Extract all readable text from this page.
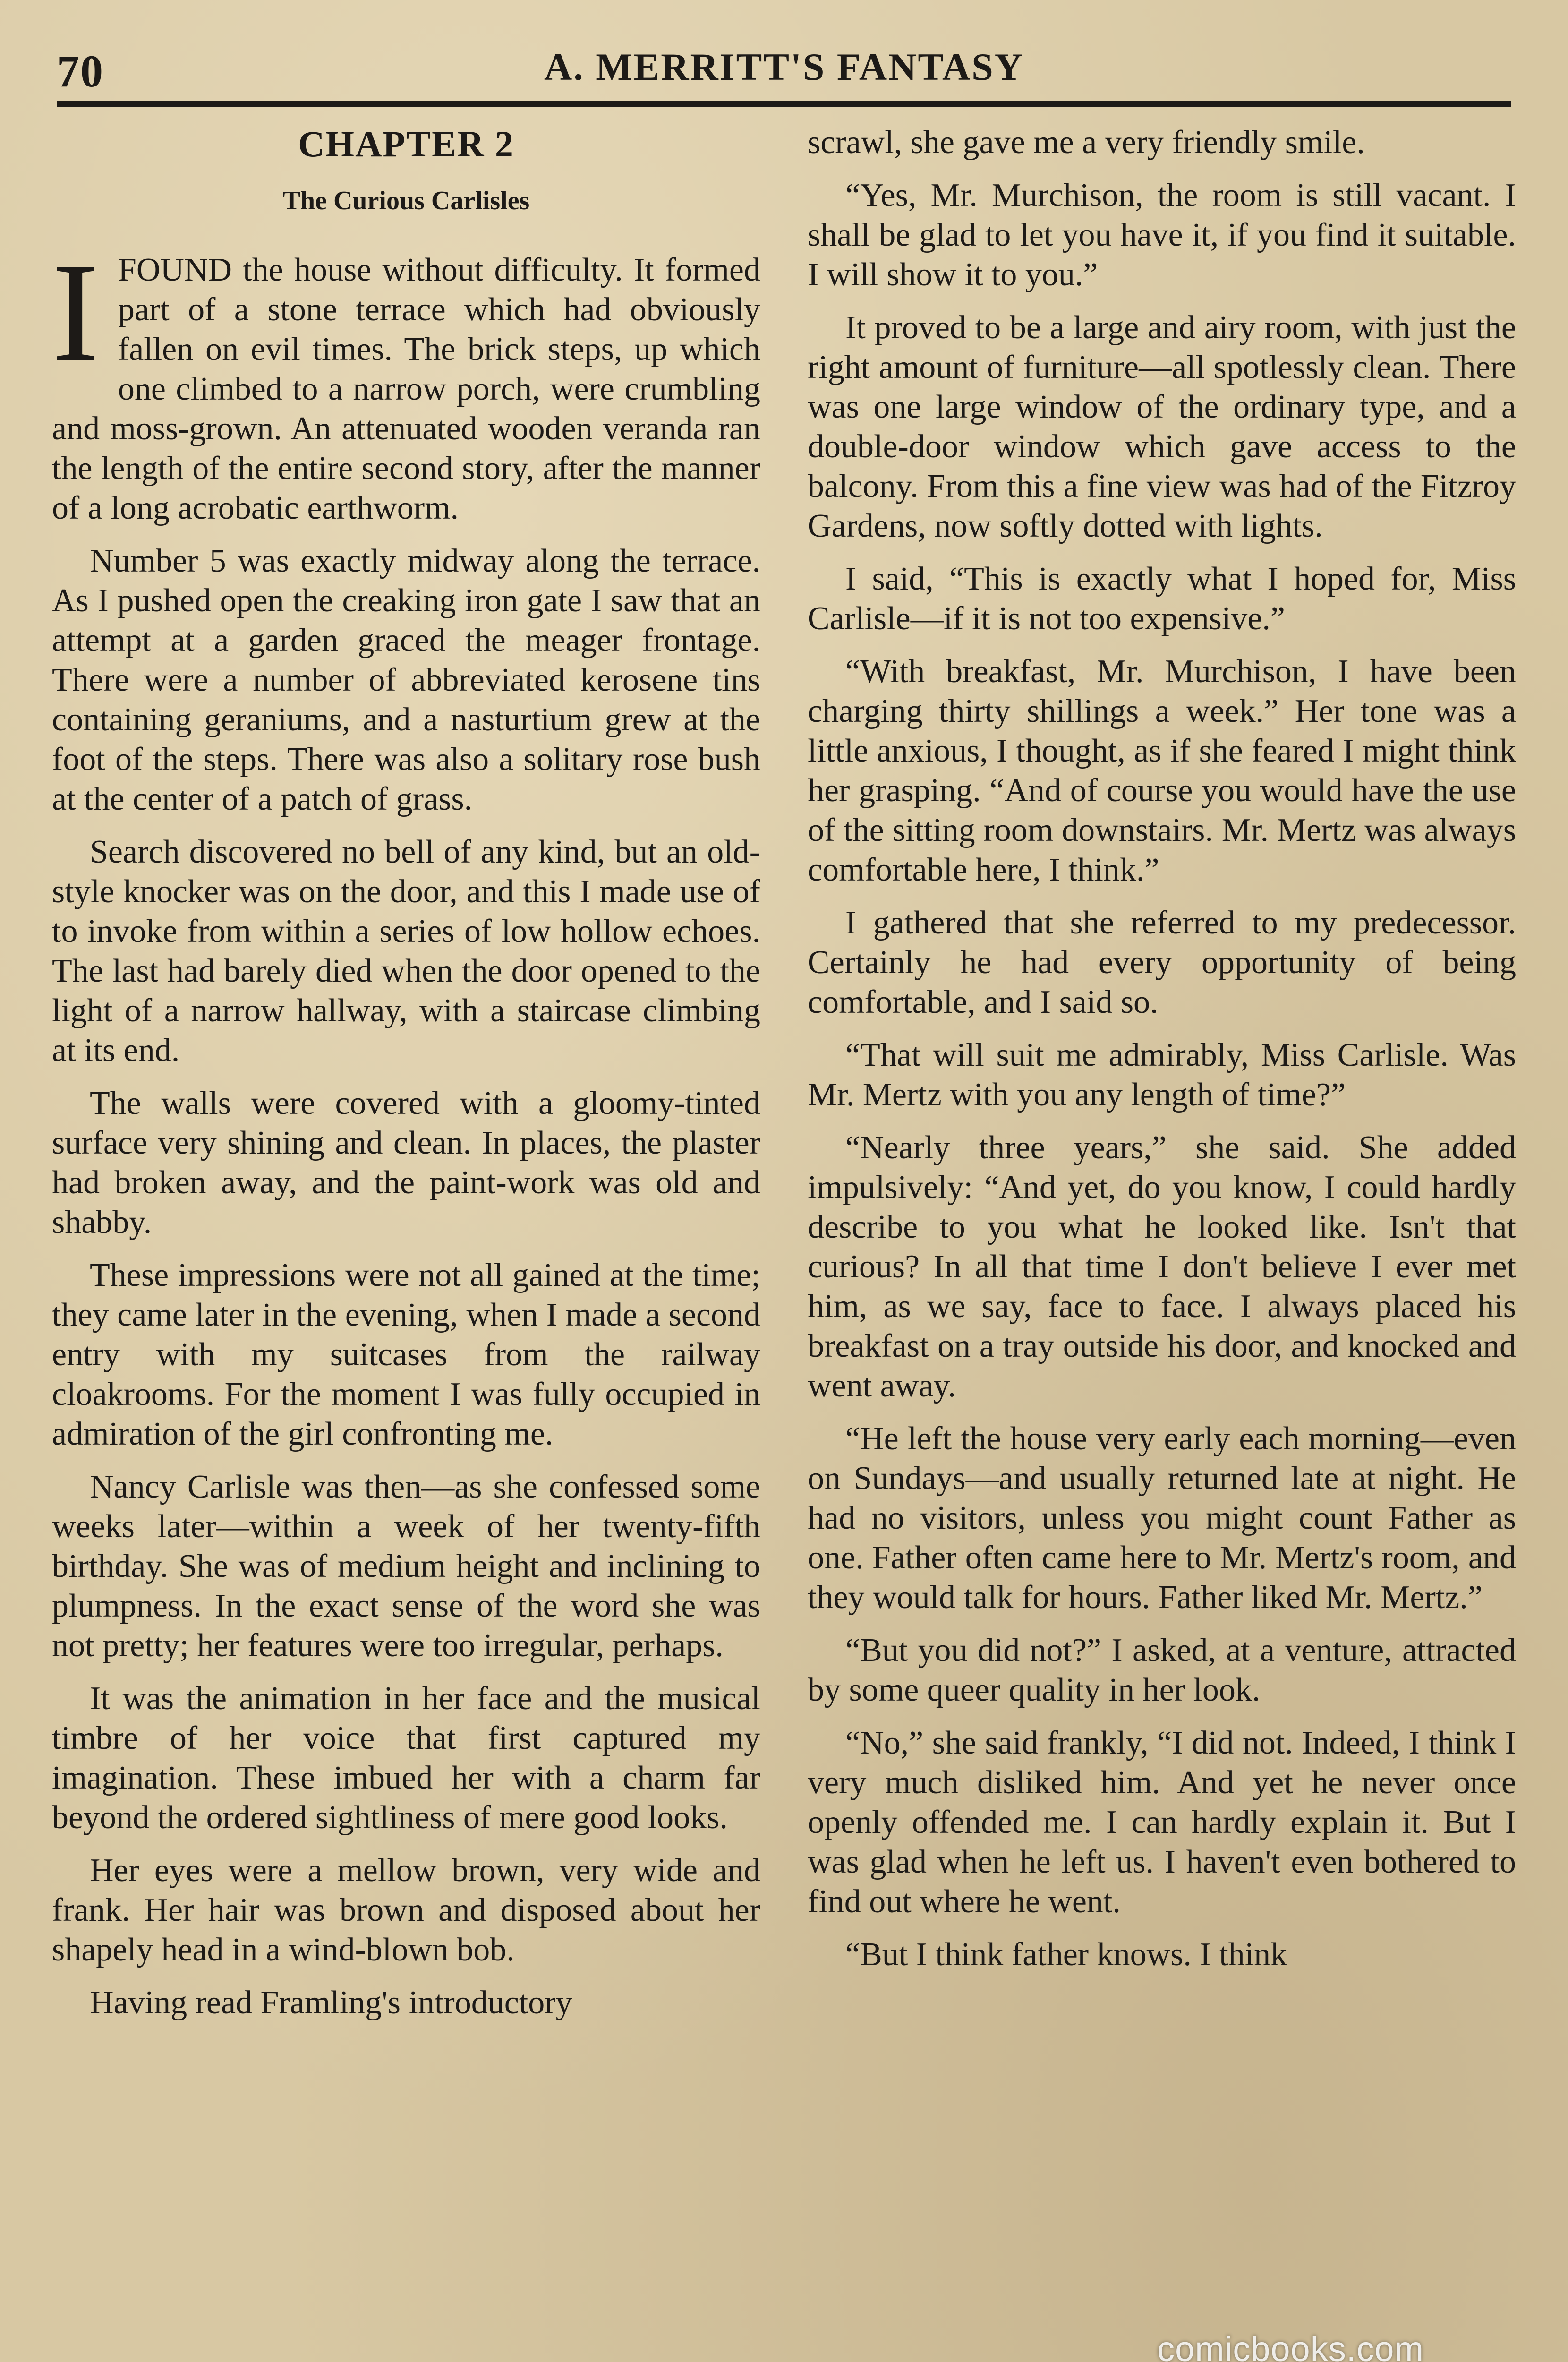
70	A. MERRITT'S FANTASY
CHAPTER 2
The Curious Carlisles

I FOUND the house without difficulty. It formed part of a stone terrace which had obviously fallen on evil times. The brick steps, up which one climbed to a narrow porch, were crumbling and moss-grown. An attenuated wooden veranda ran the length of the entire second story, after the manner of a long acrobatic earthworm.

Number 5 was exactly midway along the terrace. As I pushed open the creaking iron gate I saw that an attempt at a garden graced the meager frontage. There were a number of abbreviated kerosene tins containing geraniums, and a nasturtium grew at the foot of the steps. There was also a solitary rose bush at the center of a patch of grass.

Search discovered no bell of any kind, but an old-style knocker was on the door, and this I made use of to invoke from within a series of low hollow echoes. The last had barely died when the door opened to the light of a narrow hallway, with a staircase climbing at its end.

The walls were covered with a gloomy-tinted surface very shining and clean. In places, the plaster had broken away, and the paint-work was old and shabby.

These impressions were not all gained at the time; they came later in the evening, when I made a second entry with my suitcases from the railway cloakrooms. For the moment I was fully occupied in admiration of the girl confronting me.

Nancy Carlisle was then—as she confessed some weeks later—within a week of her twenty-fifth birthday. She was of medium height and inclining to plumpness. In the exact sense of the word she was not pretty; her features were too irregular, perhaps.

It was the animation in her face and the musical timbre of her voice that first captured my imagination. These imbued her with a charm far beyond the ordered sightliness of mere good looks.

Her eyes were a mellow brown, very wide and frank. Her hair was brown and disposed about her shapely head in a wind-blown bob.

Having read Framling's introductory

scrawl, she gave me a very friendly smile.

“Yes, Mr. Murchison, the room is still vacant. I shall be glad to let you have it, if you find it suitable. I will show it to you.”

It proved to be a large and airy room, with just the right amount of furniture—all spotlessly clean. There was one large window of the ordinary type, and a double-door window which gave access to the balcony. From this a fine view was had of the Fitzroy Gardens, now softly dotted with lights.

I said, “This is exactly what I hoped for, Miss Carlisle—if it is not too expensive.”

“With breakfast, Mr. Murchison, I have been charging thirty shillings a week.” Her tone was a little anxious, I thought, as if she feared I might think her grasping. “And of course you would have the use of the sitting room downstairs. Mr. Mertz was always comfortable here, I think.”

I gathered that she referred to my predecessor. Certainly he had every opportunity of being comfortable, and I said so.

“That will suit me admirably, Miss Carlisle. Was Mr. Mertz with you any length of time?”

“Nearly three years,” she said. She added impulsively: “And yet, do you know, I could hardly describe to you what he looked like. Isn't that curious? In all that time I don't believe I ever met him, as we say, face to face. I always placed his breakfast on a tray outside his door, and knocked and went away.

“He left the house very early each morning—even on Sundays—and usually returned late at night. He had no visitors, unless you might count Father as one. Father often came here to Mr. Mertz's room, and they would talk for hours. Father liked Mr. Mertz.”

“But you did not?” I asked, at a venture, attracted by some queer quality in her look.

“No,” she said frankly, “I did not. Indeed, I think I very much disliked him. And yet he never once openly offended me. I can hardly explain it. But I was glad when he left us. I haven't even bothered to find out where he went.

“But I think father knows. I think

comicbooks.com
